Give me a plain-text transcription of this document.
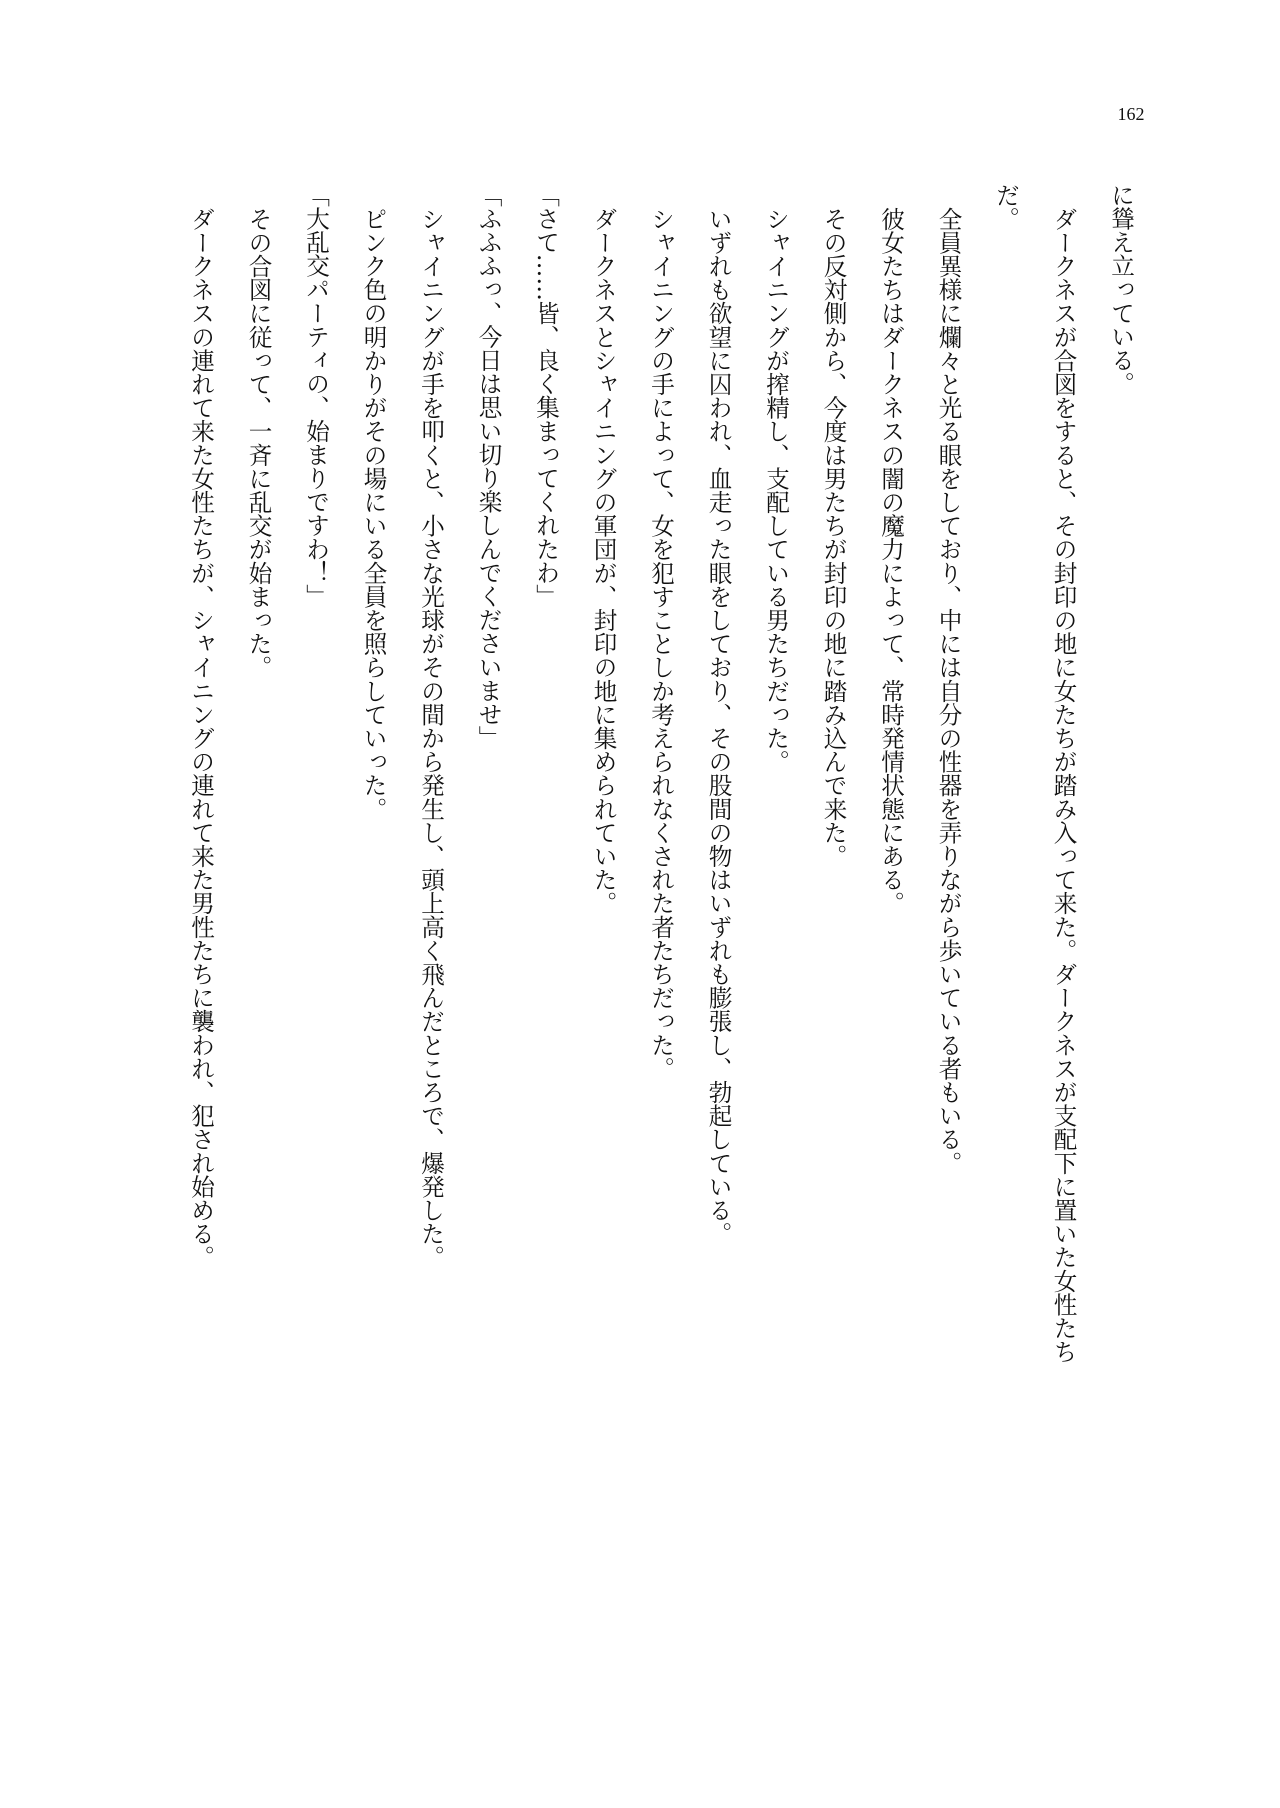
162
に聳え立っている。
ダークネスが合図をすると、その封印の地に女たちが踏み入って来た。ダークネスが支配下に置いた女性たち
だ。
全員異様に爛々と光る眼をしており、中には自分の性器を弄りながら歩いている者もいる。
彼女たちはダークネスの闇の魔力によって、常時発情状態にある。
その反対側から、今度は男たちが封印の地に踏み込んで来た。
シャイニングが搾精し、支配している男たちだった。
いずれも欲望に囚われ、血走った眼をしており、その股間の物はいずれも膨張し、勃起している。
シャイニングの手によって、女を犯すことしか考えられなくされた者たちだった。
ダークネスとシャイニングの軍団が、封印の地に集められていた。
「さて……皆、良く集まってくれたわ」
「ふふふっ、今日は思い切り楽しんでくださいませ」
シャイニングが手を叩くと、小さな光球がその間から発生し、頭上高く飛んだところで、爆発した。
ピンク色の明かりがその場にいる全員を照らしていった。
「大乱交パーティの、始まりですわ！」
その合図に従って、一斉に乱交が始まった。
ダークネスの連れて来た女性たちが、シャイニングの連れて来た男性たちに襲われ、犯され始める。
